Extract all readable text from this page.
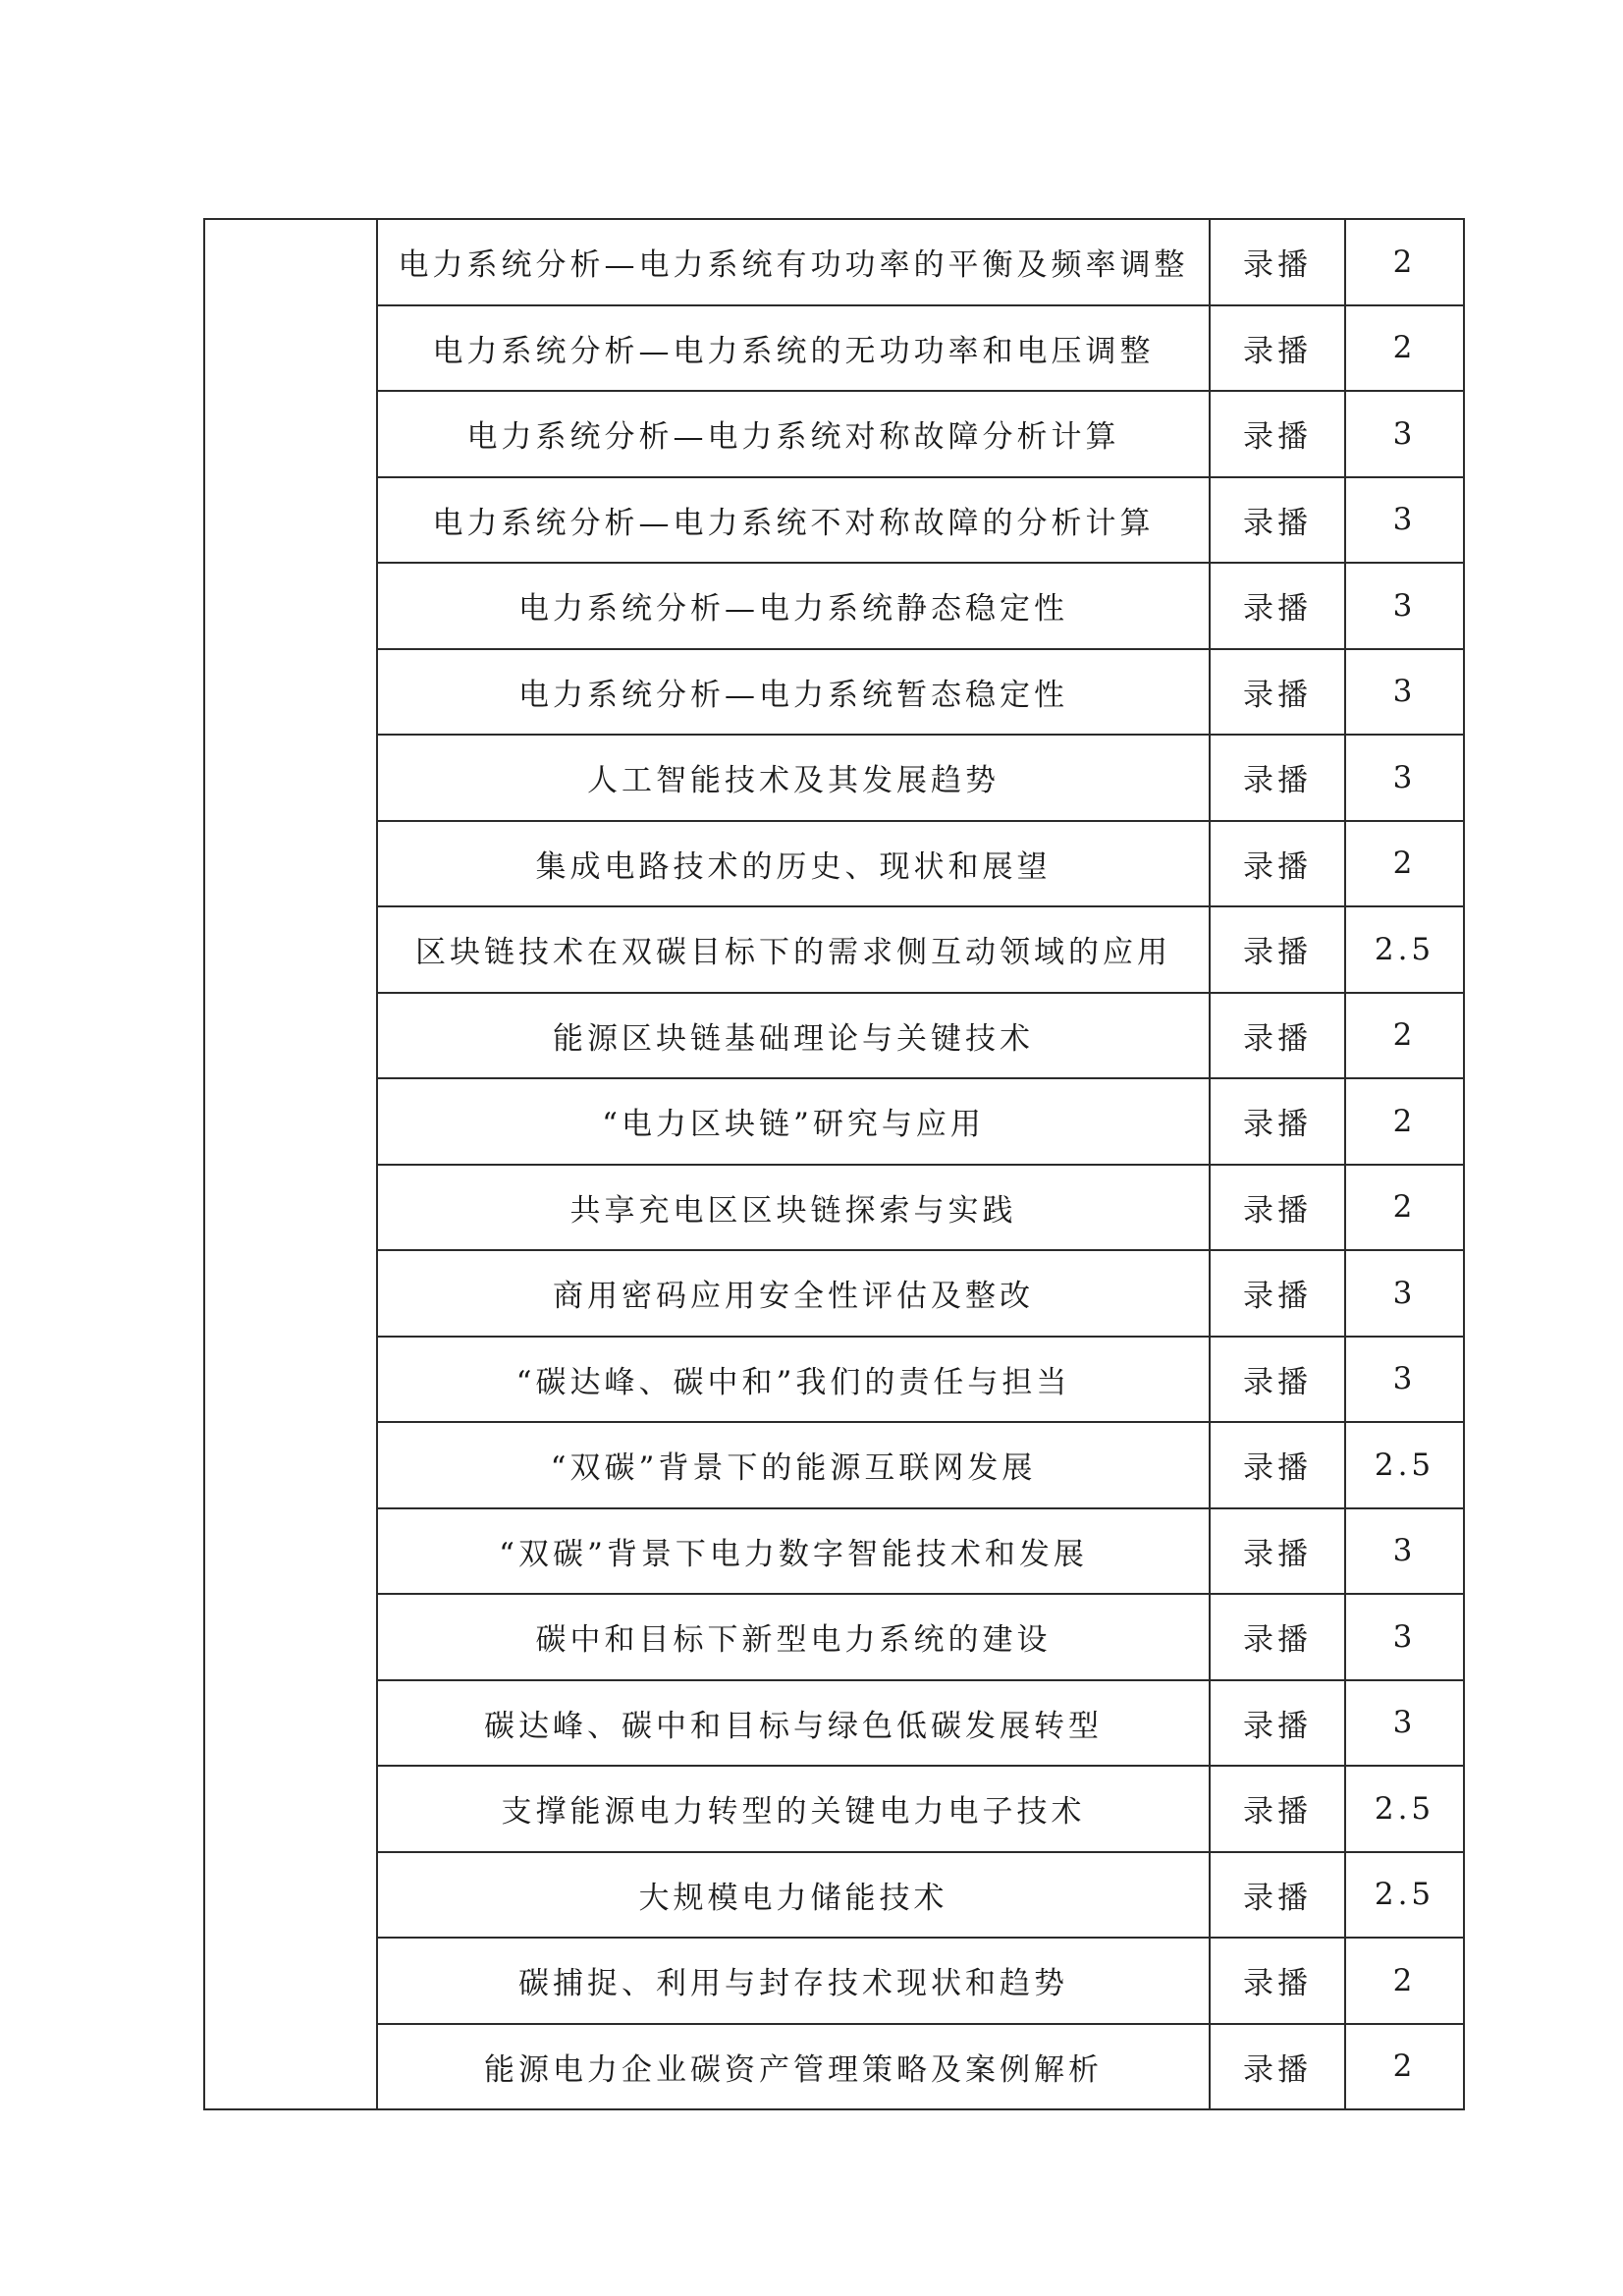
	电力系统分析—电力系统有功功率的平衡及频率调整	录播	2
	电力系统分析—电力系统的无功功率和电压调整	录播	2
	电力系统分析—电力系统对称故障分析计算	录播	3
	电力系统分析—电力系统不对称故障的分析计算	录播	3
	电力系统分析—电力系统静态稳定性	录播	3
	电力系统分析—电力系统暂态稳定性	录播	3
	人工智能技术及其发展趋势	录播	3
	集成电路技术的历史、现状和展望	录播	2
	区块链技术在双碳目标下的需求侧互动领域的应用	录播	2.5
	能源区块链基础理论与关键技术	录播	2
	“电力区块链”研究与应用	录播	2
	共享充电区区块链探索与实践	录播	2
	商用密码应用安全性评估及整改	录播	3
	“碳达峰、碳中和”我们的责任与担当	录播	3
	“双碳”背景下的能源互联网发展	录播	2.5
	“双碳”背景下电力数字智能技术和发展	录播	3
	碳中和目标下新型电力系统的建设	录播	3
	碳达峰、碳中和目标与绿色低碳发展转型	录播	3
	支撑能源电力转型的关键电力电子技术	录播	2.5
	大规模电力储能技术	录播	2.5
	碳捕捉、利用与封存技术现状和趋势	录播	2
	能源电力企业碳资产管理策略及案例解析	录播	2
